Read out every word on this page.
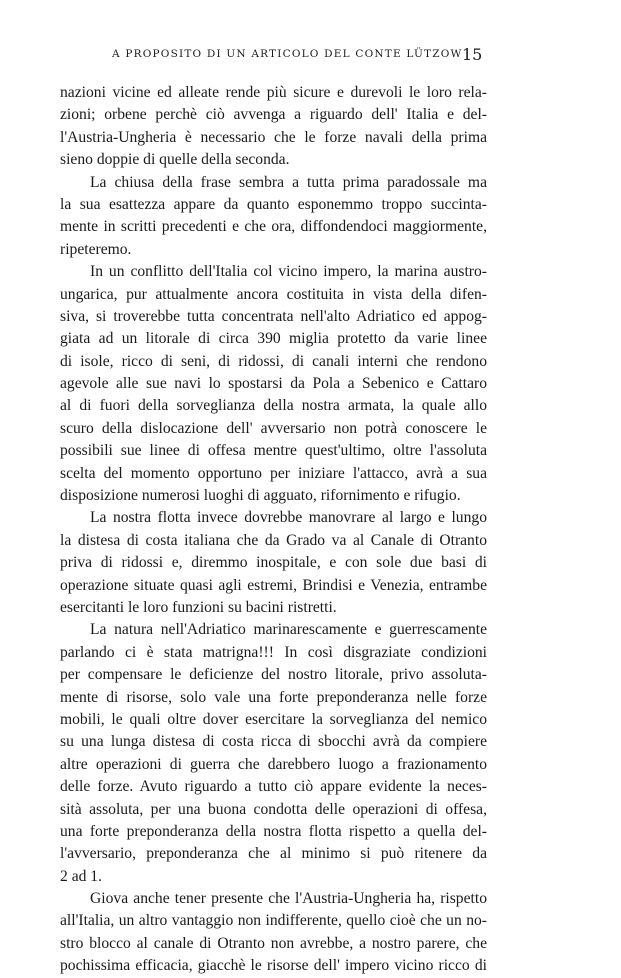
A PROPOSITO DI UN ARTICOLO DEL CONTE LÜTZOW 15
nazioni vicine ed alleate rende più sicure e durevoli le loro rela-
zioni; orbene perchè ciò avvenga a riguardo dell' Italia e del-
l'Austria-Ungheria è necessario che le forze navali della prima
sieno doppie di quelle della seconda.
La chiusa della frase sembra a tutta prima paradossale ma
la sua esattezza appare da quanto esponemmo troppo succinta-
mente in scritti precedenti e che ora, diffondendoci maggiormente,
ripeteremo.
In un conflitto dell'Italia col vicino impero, la marina austro-
ungarica, pur attualmente ancora costituita in vista della difen-
siva, si troverebbe tutta concentrata nell'alto Adriatico ed appog-
giata ad un litorale di circa 390 miglia protetto da varie linee
di isole, ricco di seni, di ridossi, di canali interni che rendono
agevole alle sue navi lo spostarsi da Pola a Sebenico e Cattaro
al di fuori della sorveglianza della nostra armata, la quale allo
scuro della dislocazione dell' avversario non potrà conoscere le
possibili sue linee di offesa mentre quest'ultimo, oltre l'assoluta
scelta del momento opportuno per iniziare l'attacco, avrà a sua
disposizione numerosi luoghi di agguato, rifornimento e rifugio.
La nostra flotta invece dovrebbe manovrare al largo e lungo
la distesa di costa italiana che da Grado va al Canale di Otranto
priva di ridossi e, diremmo inospitale, e con sole due basi di
operazione situate quasi agli estremi, Brindisi e Venezia, entrambe
esercitanti le loro funzioni su bacini ristretti.
La natura nell'Adriatico marinarescamente e guerrescamente
parlando ci è stata matrigna!!! In così disgraziate condizioni
per compensare le deficienze del nostro litorale, privo assoluta-
mente di risorse, solo vale una forte preponderanza nelle forze
mobili, le quali oltre dover esercitare la sorveglianza del nemico
su una lunga distesa di costa ricca di sbocchi avrà da compiere
altre operazioni di guerra che darebbero luogo a frazionamento
delle forze. Avuto riguardo a tutto ciò appare evidente la neces-
sità assoluta, per una buona condotta delle operazioni di offesa,
una forte preponderanza della nostra flotta rispetto a quella del-
l'avversario, preponderanza che al minimo si può ritenere da
2 ad 1.
Giova anche tener presente che l'Austria-Ungheria ha, rispetto
all'Italia, un altro vantaggio non indifferente, quello cioè che un no-
stro blocco al canale di Otranto non avrebbe, a nostro parere, che
pochissima efficacia, giacchè le risorse dell' impero vicino ricco di
